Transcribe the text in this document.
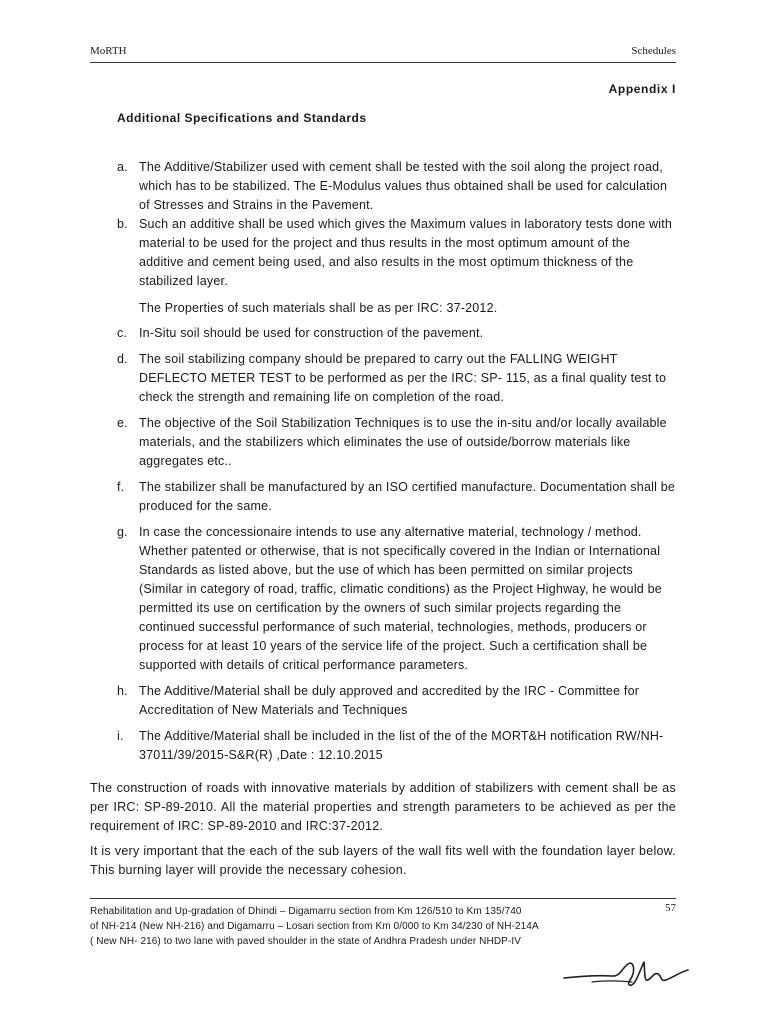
MoRTH	Schedules
Appendix I
Additional Specifications and Standards
a. The Additive/Stabilizer used with cement shall be tested with the soil along the project road, which has to be stabilized. The E-Modulus values thus obtained shall be used for calculation of Stresses and Strains in the Pavement.
b. Such an additive shall be used which gives the Maximum values in laboratory tests done with material to be used for the project and thus results in the most optimum amount of the additive and cement being used, and also results in the most optimum thickness of the stabilized layer.
The Properties of such materials shall be as per IRC: 37-2012.
c. In-Situ soil should be used for construction of the pavement.
d. The soil stabilizing company should be prepared to carry out the FALLING WEIGHT DEFLECTO METER TEST to be performed as per the IRC: SP- 115, as a final quality test to check the strength and remaining life on completion of the road.
e. The objective of the Soil Stabilization Techniques is to use the in-situ and/or locally available materials, and the stabilizers which eliminates the use of outside/borrow materials like aggregates etc..
f.	The stabilizer shall be manufactured by an ISO certified manufacture. Documentation shall be produced for the same.
g. In case the concessionaire intends to use any alternative material, technology / method. Whether patented or otherwise, that is not specifically covered in the Indian or International Standards as listed above, but the use of which has been permitted on similar projects (Similar in category of road, traffic, climatic conditions) as the Project Highway, he would be permitted its use on certification by the owners of such similar projects regarding the continued successful performance of such material, technologies, methods, producers or process for at least 10 years of the service life of the project. Such a certification shall be supported with details of critical performance parameters.
h. The Additive/Material shall be duly approved and accredited by the IRC - Committee for Accreditation of New Materials and Techniques
i.	The Additive/Material shall be included in the list of the of the MORT&H notification RW/NH-37011/39/2015-S&R(R) ,Date : 12.10.2015
The construction of roads with innovative materials by addition of stabilizers with cement shall be as per IRC: SP-89-2010. All the material properties and strength parameters to be achieved as per the requirement of IRC: SP-89-2010 and IRC:37-2012.
It is very important that the each of the sub layers of the wall fits well with the foundation layer below. This burning layer will provide the necessary cohesion.
Rehabilitation and Up-gradation of Dhindi – Digamarru section from Km 126/510 to Km 135/740
of NH-214 (New NH-216) and Digamarru – Losari section from Km 0/000 to Km 34/230 of NH-214A
( New NH- 216) to two lane with paved shoulder in the state of Andhra Pradesh under NHDP-IV
57
